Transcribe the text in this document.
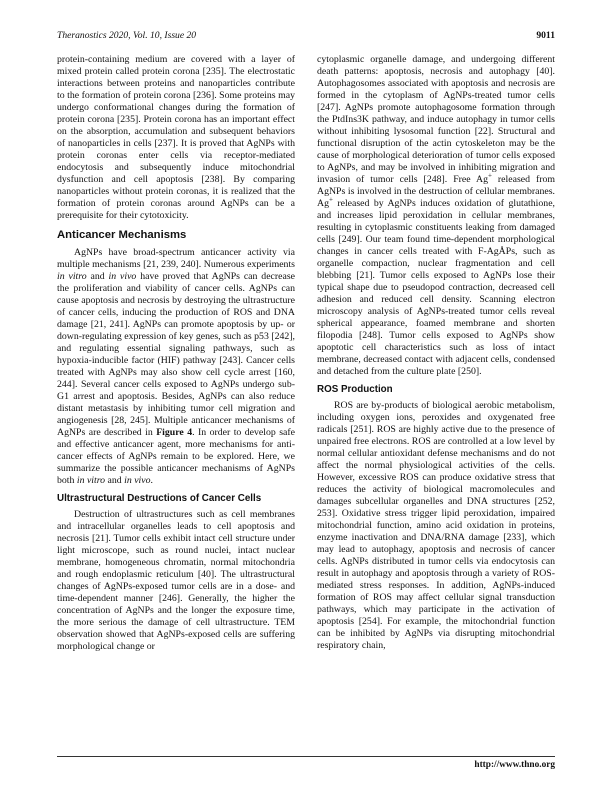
Theranostics 2020, Vol. 10, Issue 20	9011

protein-containing medium are covered with a layer of mixed protein called protein corona [235]. The electrostatic interactions between proteins and nanoparticles contribute to the formation of protein corona [236]. Some proteins may undergo conformational changes during the formation of protein corona [235]. Protein corona has an important effect on the absorption, accumulation and subsequent behaviors of nanoparticles in cells [237]. It is proved that AgNPs with protein coronas enter cells via receptor-mediated endocytosis and subsequently induce mitochondrial dysfunction and cell apoptosis [238]. By comparing nanoparticles without protein coronas, it is realized that the formation of protein coronas around AgNPs can be a prerequisite for their cytotoxicity.

Anticancer Mechanisms

AgNPs have broad-spectrum anticancer activity via multiple mechanisms [21, 239, 240]. Numerous experiments in vitro and in vivo have proved that AgNPs can decrease the proliferation and viability of cancer cells. AgNPs can cause apoptosis and necrosis by destroying the ultrastructure of cancer cells, inducing the production of ROS and DNA damage [21, 241]. AgNPs can promote apoptosis by up- or down-regulating expression of key genes, such as p53 [242], and regulating essential signaling pathways, such as hypoxia-inducible factor (HIF) pathway [243]. Cancer cells treated with AgNPs may also show cell cycle arrest [160, 244]. Several cancer cells exposed to AgNPs undergo sub-G1 arrest and apoptosis. Besides, AgNPs can also reduce distant metastasis by inhibiting tumor cell migration and angiogenesis [28, 245]. Multiple anticancer mechanisms of AgNPs are described in Figure 4. In order to develop safe and effective anticancer agent, more mechanisms for anti-cancer effects of AgNPs remain to be explored. Here, we summarize the possible anticancer mechanisms of AgNPs both in vitro and in vivo.

Ultrastructural Destructions of Cancer Cells

Destruction of ultrastructures such as cell membranes and intracellular organelles leads to cell apoptosis and necrosis [21]. Tumor cells exhibit intact cell structure under light microscope, such as round nuclei, intact nuclear membrane, homogeneous chromatin, normal mitochondria and rough endoplasmic reticulum [40]. The ultrastructural changes of AgNPs-exposed tumor cells are in a dose- and time-dependent manner [246]. Generally, the higher the concentration of AgNPs and the longer the exposure time, the more serious the damage of cell ultrastructure. TEM observation showed that AgNPs-exposed cells are suffering morphological change or

cytoplasmic organelle damage, and undergoing different death patterns: apoptosis, necrosis and autophagy [40]. Autophagosomes associated with apoptosis and necrosis are formed in the cytoplasm of AgNPs-treated tumor cells [247]. AgNPs promote autophagosome formation through the PtdIns3K pathway, and induce autophagy in tumor cells without inhibiting lysosomal function [22]. Structural and functional disruption of the actin cytoskeleton may be the cause of morphological deterioration of tumor cells exposed to AgNPs, and may be involved in inhibiting migration and invasion of tumor cells [248]. Free Ag+ released from AgNPs is involved in the destruction of cellular membranes. Ag+ released by AgNPs induces oxidation of glutathione, and increases lipid peroxidation in cellular membranes, resulting in cytoplasmic constituents leaking from damaged cells [249]. Our team found time-dependent morphological changes in cancer cells treated with F-AgÅPs, such as organelle compaction, nuclear fragmentation and cell blebbing [21]. Tumor cells exposed to AgNPs lose their typical shape due to pseudopod contraction, decreased cell adhesion and reduced cell density. Scanning electron microscopy analysis of AgNPs-treated tumor cells reveal spherical appearance, foamed membrane and shorten filopodia [248]. Tumor cells exposed to AgNPs show apoptotic cell characteristics such as loss of intact membrane, decreased contact with adjacent cells, condensed and detached from the culture plate [250].

ROS Production

ROS are by-products of biological aerobic metabolism, including oxygen ions, peroxides and oxygenated free radicals [251]. ROS are highly active due to the presence of unpaired free electrons. ROS are controlled at a low level by normal cellular antioxidant defense mechanisms and do not affect the normal physiological activities of the cells. However, excessive ROS can produce oxidative stress that reduces the activity of biological macromolecules and damages subcellular organelles and DNA structures [252, 253]. Oxidative stress trigger lipid peroxidation, impaired mitochondrial function, amino acid oxidation in proteins, enzyme inactivation and DNA/RNA damage [233], which may lead to autophagy, apoptosis and necrosis of cancer cells. AgNPs distributed in tumor cells via endocytosis can result in autophagy and apoptosis through a variety of ROS-mediated stress responses. In addition, AgNPs-induced formation of ROS may affect cellular signal transduction pathways, which may participate in the activation of apoptosis [254]. For example, the mitochondrial function can be inhibited by AgNPs via disrupting mitochondrial respiratory chain,

http://www.thno.org
